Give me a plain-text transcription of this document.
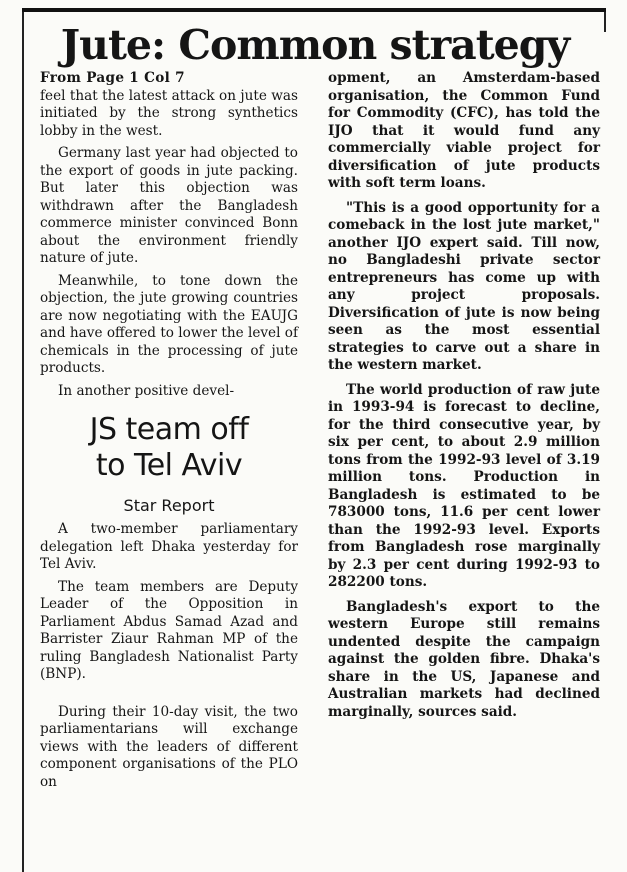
Jute: Common strategy

From Page 1 Col 7

feel that the latest attack on jute was initiated by the strong synthetics lobby in the west.

Germany last year had objected to the export of goods in jute packing. But later this objection was withdrawn after the Bangladesh commerce minister convinced Bonn about the environment friendly nature of jute.

Meanwhile, to tone down the objection, the jute growing countries are now negotiating with the EAUJG and have offered to lower the level of chemicals in the processing of jute products.

In another positive devel-

JS team off
to Tel Aviv
Star Report

A two-member parliamentary delegation left Dhaka yesterday for Tel Aviv.

The team members are Deputy Leader of the Opposition in Parliament Abdus Samad Azad and Barrister Ziaur Rahman MP of the ruling Bangladesh Nationalist Party (BNP).

During their 10-day visit, the two parliamentarians will exchange views with the leaders of different component organisations of the PLO on

opment, an Amsterdam-based organisation, the Common Fund for Commodity (CFC), has told the IJO that it would fund any commercially viable project for diversification of jute products with soft term loans.

"This is a good opportunity for a comeback in the lost jute market," another IJO expert said. Till now, no Bangladeshi private sector entrepreneurs has come up with any project proposals. Diversification of jute is now being seen as the most essential strategies to carve out a share in the western market.

The world production of raw jute in 1993-94 is forecast to decline, for the third consecutive year, by six per cent, to about 2.9 million tons from the 1992-93 level of 3.19 million tons. Production in Bangladesh is estimated to be 783000 tons, 11.6 per cent lower than the 1992-93 level. Exports from Bangladesh rose marginally by 2.3 per cent during 1992-93 to 282200 tons.

Bangladesh's export to the western Europe still remains undented despite the campaign against the golden fibre. Dhaka's share in the US, Japanese and Australian markets had declined marginally, sources said.
